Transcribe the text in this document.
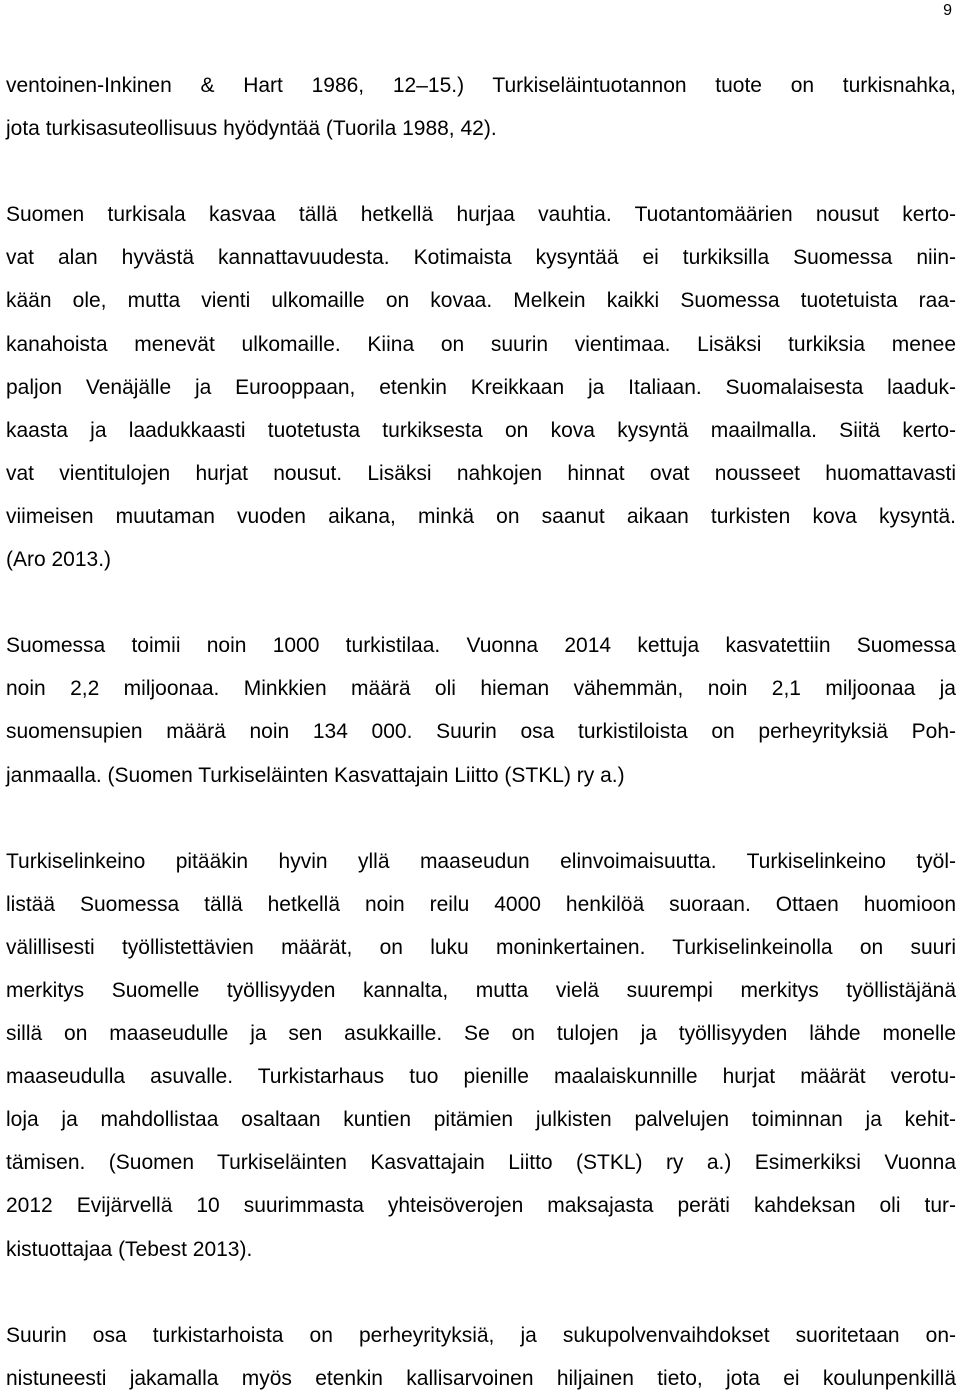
9
ventoinen-Inkinen & Hart 1986, 12–15.) Turkiseläintuotannon tuote on turkisnahka,
jota turkisasuteollisuus hyödyntää (Tuorila 1988, 42).
Suomen turkisala kasvaa tällä hetkellä hurjaa vauhtia. Tuotantomäärien nousut kerto-
vat alan hyvästä kannattavuudesta. Kotimaista kysyntää ei turkiksilla Suomessa niin-
kään ole, mutta vienti ulkomaille on kovaa. Melkein kaikki Suomessa tuotetuista raa-
kanahoista menevät ulkomaille. Kiina on suurin vientimaa. Lisäksi turkiksia menee
paljon Venäjälle ja Eurooppaan, etenkin Kreikkaan ja Italiaan. Suomalaisesta laaduk-
kaasta ja laadukkaasti tuotetusta turkiksesta on kova kysyntä maailmalla. Siitä kerto-
vat vientitulojen hurjat nousut. Lisäksi nahkojen hinnat ovat nousseet huomattavasti
viimeisen muutaman vuoden aikana, minkä on saanut aikaan turkisten kova kysyntä.
(Aro 2013.)
Suomessa toimii noin 1000 turkistilaa. Vuonna 2014 kettuja kasvatettiin Suomessa
noin 2,2 miljoonaa. Minkkien määrä oli hieman vähemmän, noin 2,1 miljoonaa ja
suomensupien määrä noin 134 000. Suurin osa turkistiloista on perheyrityksiä Poh-
janmaalla. (Suomen Turkiseläinten Kasvattajain Liitto (STKL) ry a.)
Turkiselinkeino pitääkin hyvin yllä maaseudun elinvoimaisuutta. Turkiselinkeino työl-
listää Suomessa tällä hetkellä noin reilu 4000 henkilöä suoraan. Ottaen huomioon
välillisesti työllistettävien määrät, on luku moninkertainen. Turkiselinkeinolla on suuri
merkitys Suomelle työllisyyden kannalta, mutta vielä suurempi merkitys työllistäjänä
sillä on maaseudulle ja sen asukkaille. Se on tulojen ja työllisyyden lähde monelle
maaseudulla asuvalle. Turkistarhaus tuo pienille maalaiskunnille hurjat määrät verotu-
loja ja mahdollistaa osaltaan kuntien pitämien julkisten palvelujen toiminnan ja kehit-
tämisen. (Suomen Turkiseläinten Kasvattajain Liitto (STKL) ry a.) Esimerkiksi Vuonna
2012 Evijärvellä 10 suurimmasta yhteisöverojen maksajasta peräti kahdeksan oli tur-
kistuottajaa (Tebest 2013).
Suurin osa turkistarhoista on perheyrityksiä, ja sukupolvenvaihdokset suoritetaan on-
nistuneesti jakamalla myös etenkin kallisarvoinen hiljainen tieto, jota ei koulunpenkillä
